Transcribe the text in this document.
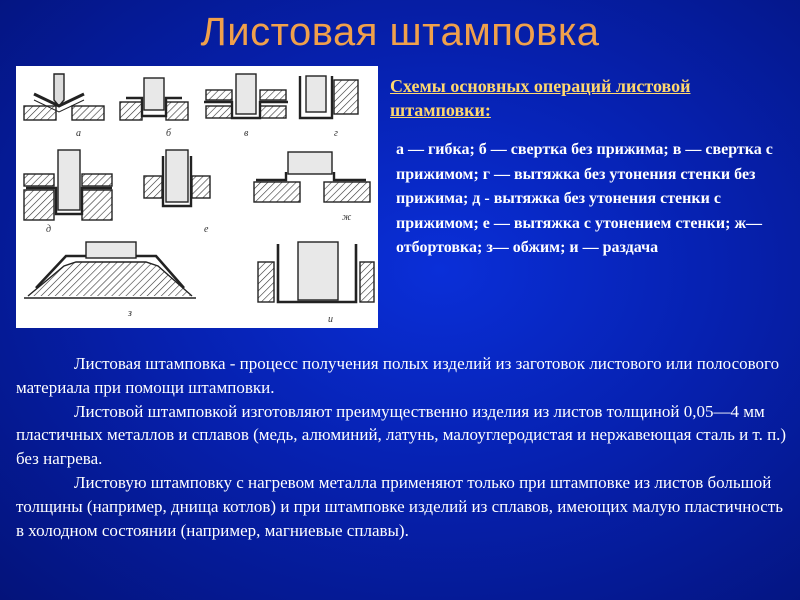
Листовая штамповка
а	б	в	г
д	е
ж
з
и
Схемы основных операций листовой штамповки:

а — гибка; б — свертка без прижима; в — свертка с прижимом; г — вытяжка без утонения стенки без прижима; д - вытяжка без утонения стенки с прижимом; е — вытяжка с утонением стенки; ж— отбортовка; з— обжим; и — раздача

Листовая штамповка - процесс получения полых изделий из заготовок листового или полосового материала при помощи штамповки.

Листовой штамповкой изготовляют преимущественно изделия из листов толщиной 0,05—4 мм пластичных металлов и сплавов (медь, алюминий, латунь, малоуглеродистая и нержавеющая сталь и т. п.) без нагрева.

Листовую штамповку с нагревом металла применяют только при штамповке из листов большой толщины (например, днища котлов) и при штамповке изделий из сплавов, имеющих малую пластичность в холодном состоянии (например, магниевые сплавы).
